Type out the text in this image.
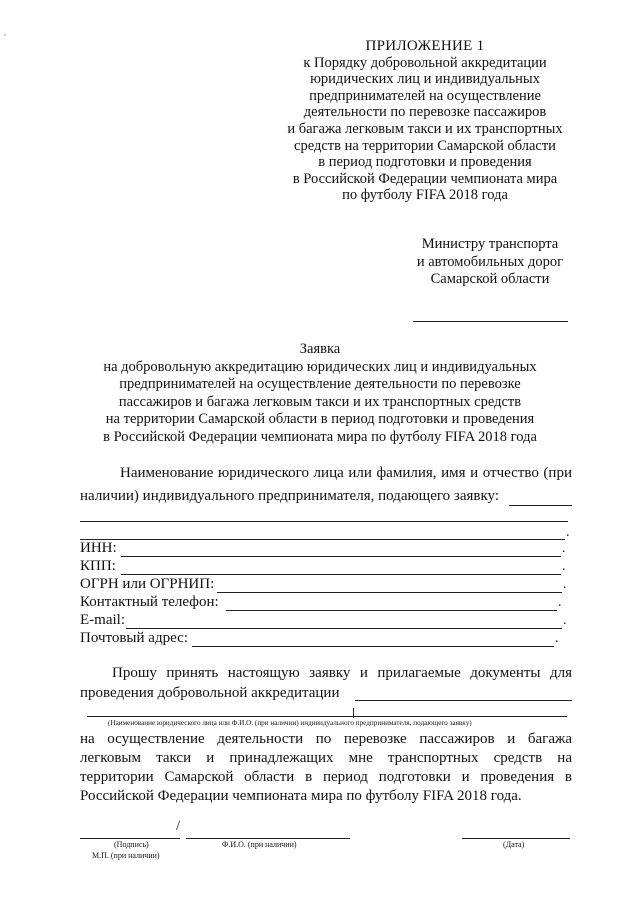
ПРИЛОЖЕНИЕ 1
к Порядку добровольной аккредитации
юридических лиц и индивидуальных
предпринимателей на осуществление
деятельности по перевозке пассажиров
и багажа легковым такси и их транспортных
средств на территории Самарской области
в период подготовки и проведения
в Российской Федерации чемпионата мира
по футболу FIFA 2018 года
Министру транспорта
и автомобильных дорог
Самарской области
Заявка
на добровольную аккредитацию юридических лиц и индивидуальных
предпринимателей на осуществление деятельности по перевозке
пассажиров и багажа легковым такси и их транспортных средств
на территории Самарской области в период подготовки и проведения
в Российской Федерации чемпионата мира по футболу FIFA 2018 года
Наименование юридического лица или фамилия, имя и отчество (при
наличии) индивидуального предпринимателя, подающего заявку:
.
ИНН:	.
КПП:	.
ОГРН или ОГРНИП:	.
Контактный телефон:	.
E-mail:	.
Почтовый адрес:	.
Прошу принять настоящую заявку и прилагаемые документы для
проведения добровольной аккредитации
(Наименование юридического лица или Ф.И.О. (при наличии) индивидуального предпринимателя, подающего заявку)
на осуществление деятельности по перевозке пассажиров и багажа
легковым такси и принадлежащих мне транспортных средств на
территории Самарской области в период подготовки и проведения в
Российской Федерации чемпионата мира по футболу FIFA 2018 года.
/
(Подпись)	Ф.И.О. (при наличии)	(Дата)
М.П. (при наличии)
,
